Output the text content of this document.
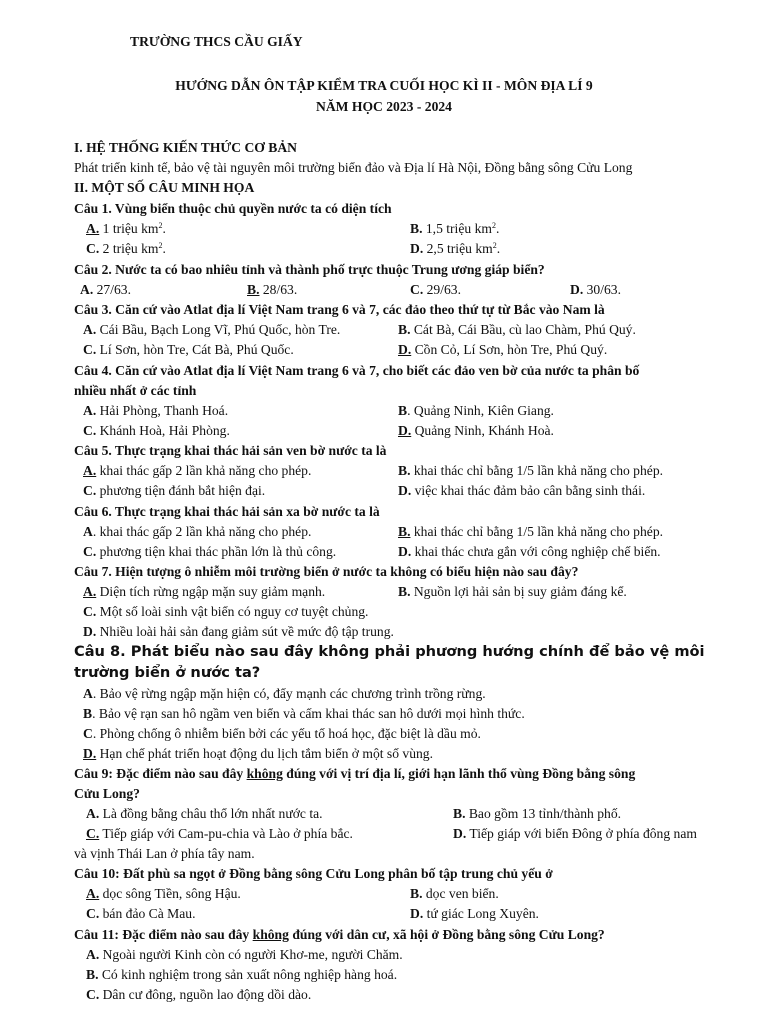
TRƯỜNG THCS CẦU GIẤY
HƯỚNG DẪN ÔN TẬP KIỂM TRA CUỐI HỌC KÌ II - MÔN ĐỊA LÍ 9
NĂM HỌC 2023 - 2024
I. HỆ THỐNG KIẾN THỨC CƠ BẢN
Phát triển kinh tế, bảo vệ tài nguyên môi trường biển đảo và Địa lí Hà Nội, Đồng bằng sông Cửu Long
II. MỘT SỐ CÂU MINH HỌA
Câu 1. Vùng biển thuộc chủ quyền nước ta có diện tích
A. 1 triệu $km^2$.	B. 1,5 triệu $km^2$.
C. 2 triệu $km^2$.	D. 2,5 triệu $km^2$.
Câu 2. Nước ta có bao nhiêu tỉnh và thành phố trực thuộc Trung ương giáp biển?
A. 27/63.	B. 28/63.	C. 29/63.	D. 30/63.
Câu 3. Căn cứ vào Atlat địa lí Việt Nam trang 6 và 7, các đảo theo thứ tự từ Bắc vào Nam là
A. Cái Bầu, Bạch Long Vĩ, Phú Quốc, hòn Tre.	B. Cát Bà, Cái Bầu, cù lao Chàm, Phú Quý.
C. Lí Sơn, hòn Tre, Cát Bà, Phú Quốc.	D. Cồn Cỏ, Lí Sơn, hòn Tre, Phú Quý.
Câu 4. Căn cứ vào Atlat địa lí Việt Nam trang 6 và 7, cho biết các đảo ven bờ của nước ta phân bố
nhiều nhất ở các tỉnh
A. Hải Phòng, Thanh Hoá.	B. Quảng Ninh, Kiên Giang.
C. Khánh Hoà, Hải Phòng.	D. Quảng Ninh, Khánh Hoà.
Câu 5. Thực trạng khai thác hải sản ven bờ nước ta là
A. khai thác gấp 2 lần khả năng cho phép.	B. khai thác chỉ bằng 1/5 lần khả năng cho phép.
C. phương tiện đánh bắt hiện đại.	D. việc khai thác đảm bảo cân bằng sinh thái.
Câu 6. Thực trạng khai thác hải sản xa bờ nước ta là
A. khai thác gấp 2 lần khả năng cho phép.	B. khai thác chỉ bằng 1/5 lần khả năng cho phép.
C. phương tiện khai thác phần lớn là thủ công.	D. khai thác chưa gắn với công nghiệp chế biến.
Câu 7. Hiện tượng ô nhiễm môi trường biển ở nước ta không có biểu hiện nào sau đây?
A. Diện tích rừng ngập mặn suy giảm mạnh.	B. Nguồn lợi hải sản bị suy giảm đáng kể.
C. Một số loài sinh vật biển có nguy cơ tuyệt chủng.
D. Nhiều loài hải sản đang giảm sút về mức độ tập trung.
Câu 8. Phát biểu nào sau đây không phải phương hướng chính để bảo vệ môi
trường biển ở nước ta?
A. Bảo vệ rừng ngập mặn hiện có, đẩy mạnh các chương trình trồng rừng.
B. Bảo vệ rạn san hô ngầm ven biển và cấm khai thác san hô dưới mọi hình thức.
C. Phòng chống ô nhiễm biển bởi các yếu tố hoá học, đặc biệt là dầu mỏ.
D. Hạn chế phát triển hoạt động du lịch tắm biển ở một số vùng.
Câu 9: Đặc điểm nào sau đây không đúng với vị trí địa lí, giới hạn lãnh thổ vùng Đồng bằng sông
Cửu Long?
A. Là đồng bằng châu thổ lớn nhất nước ta.	B. Bao gồm 13 tỉnh/thành phố.
C. Tiếp giáp với Cam-pu-chia và Lào ở phía bắc.	D. Tiếp giáp với biển Đông ở phía đông nam
và vịnh Thái Lan ở phía tây nam.
Câu 10: Đất phù sa ngọt ở Đồng bằng sông Cửu Long phân bố tập trung chủ yếu ở
A. dọc sông Tiền, sông Hậu.	B. dọc ven biển.
C. bán đảo Cà Mau.	D. tứ giác Long Xuyên.
Câu 11: Đặc điểm nào sau đây không đúng với dân cư, xã hội ở Đồng bằng sông Cửu Long?
A. Ngoài người Kinh còn có người Khơ-me, người Chăm.
B. Có kinh nghiệm trong sản xuất nông nghiệp hàng hoá.
C. Dân cư đông, nguồn lao động dồi dào.
